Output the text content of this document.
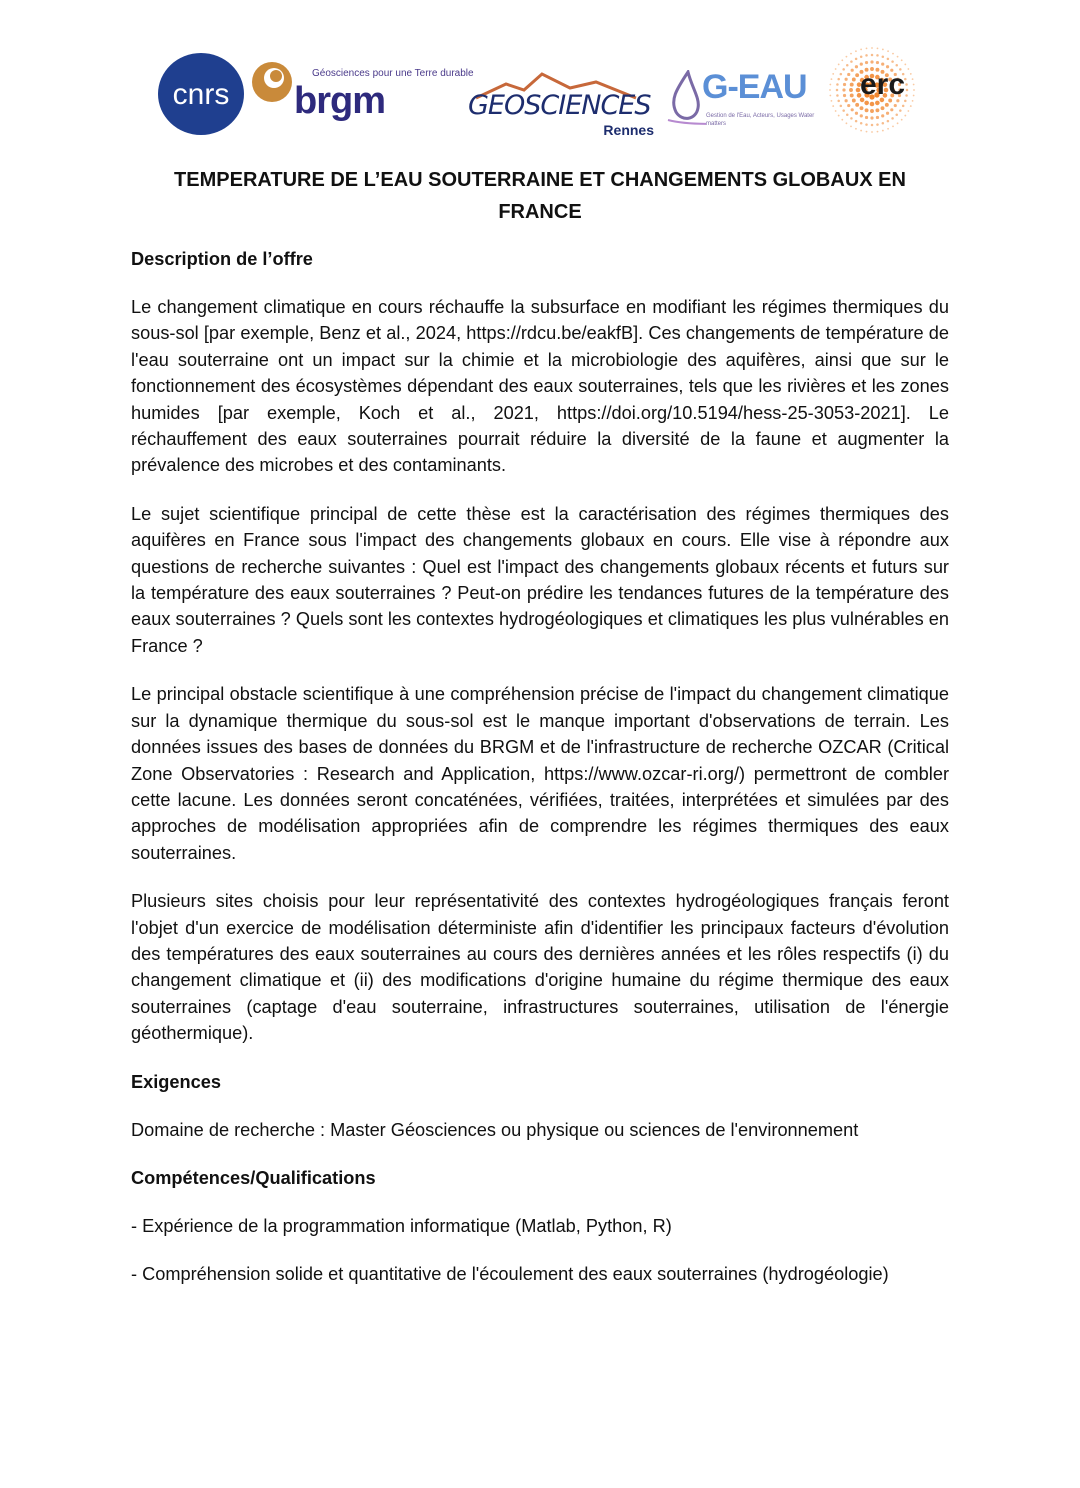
cnrs
Géosciences pour une Terre durable
brgm	GEOSCIENCES
Rennes
G-EAU
Gestion de l'Eau, Acteurs, Usages Water matters
erc
TEMPERATURE DE L’EAU SOUTERRAINE ET CHANGEMENTS GLOBAUX EN FRANCE
Description de l’offre

Le changement climatique en cours réchauffe la subsurface en modifiant les régimes thermiques du sous-sol [par exemple, Benz et al., 2024, https://rdcu.be/eakfB]. Ces changements de température de l'eau souterraine ont un impact sur la chimie et la microbiologie des aquifères, ainsi que sur le fonctionnement des écosystèmes dépendant des eaux souterraines, tels que les rivières et les zones humides [par exemple, Koch et al., 2021, https://doi.org/10.5194/hess-25-3053-2021]. Le réchauffement des eaux souterraines pourrait réduire la diversité de la faune et augmenter la prévalence des microbes et des contaminants.

Le sujet scientifique principal de cette thèse est la caractérisation des régimes thermiques des aquifères en France sous l'impact des changements globaux en cours. Elle vise à répondre aux questions de recherche suivantes : Quel est l'impact des changements globaux récents et futurs sur la température des eaux souterraines ? Peut-on prédire les tendances futures de la température des eaux souterraines ? Quels sont les contextes hydrogéologiques et climatiques les plus vulnérables en France ?

Le principal obstacle scientifique à une compréhension précise de l'impact du changement climatique sur la dynamique thermique du sous-sol est le manque important d'observations de terrain. Les données issues des bases de données du BRGM et de l'infrastructure de recherche OZCAR (Critical Zone Observatories : Research and Application, https://www.ozcar-ri.org/) permettront de combler cette lacune. Les données seront concaténées, vérifiées, traitées, interprétées et simulées par des approches de modélisation appropriées afin de comprendre les régimes thermiques des eaux souterraines.

Plusieurs sites choisis pour leur représentativité des contextes hydrogéologiques français feront l'objet d'un exercice de modélisation déterministe afin d'identifier les principaux facteurs d'évolution des températures des eaux souterraines au cours des dernières années et les rôles respectifs (i) du changement climatique et (ii) des modifications d'origine humaine du régime thermique des eaux souterraines (captage d'eau souterraine, infrastructures souterraines, utilisation de l'énergie géothermique).

Exigences

Domaine de recherche : Master Géosciences ou physique ou sciences de l'environnement

Compétences/Qualifications

- Expérience de la programmation informatique (Matlab, Python, R)

- Compréhension solide et quantitative de l'écoulement des eaux souterraines (hydrogéologie)
